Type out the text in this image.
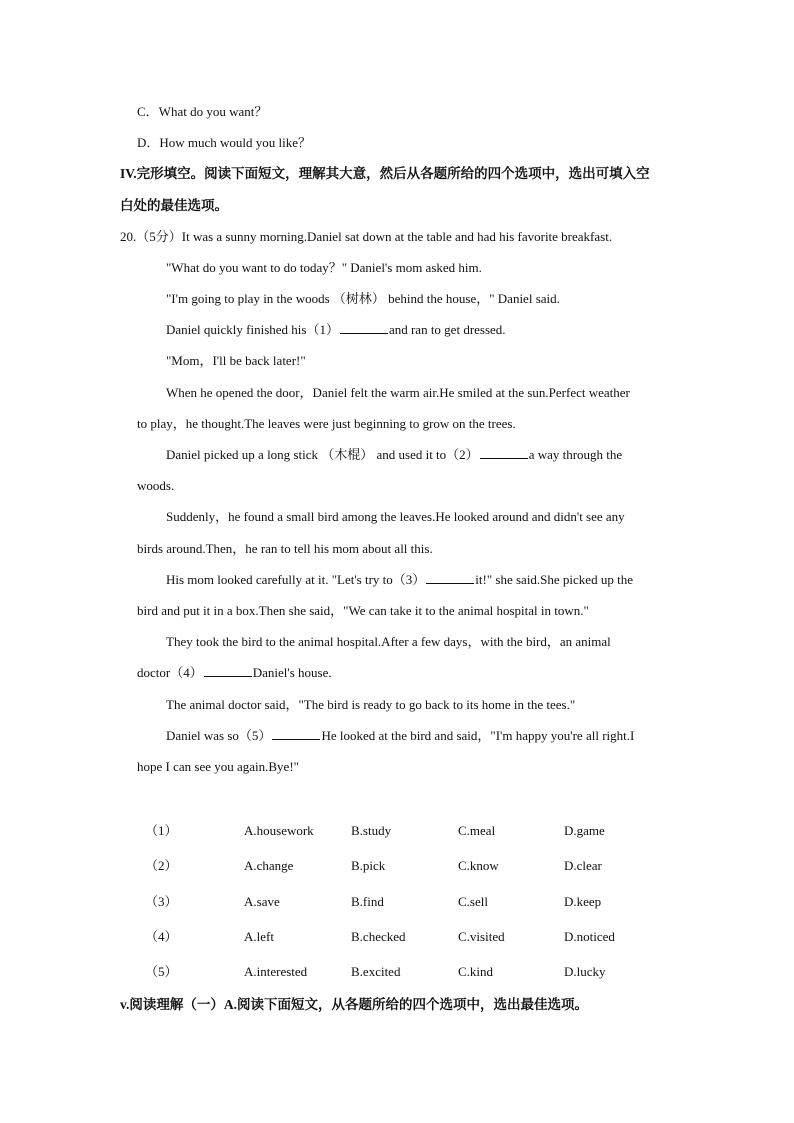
C．What do you want？
D．How much would you like？
IV.完形填空。阅读下面短文，理解其大意，然后从各题所给的四个选项中，选出可填入空
白处的最佳选项。
20.（5分）It was a sunny morning.Daniel sat down at the table and had his favorite breakfast.
"What do you want to do today？" Daniel's mom asked him.
"I'm going to play in the woods （树林） behind the house，" Daniel said.
Daniel quickly finished his（1）	and ran to get dressed.
"Mom，I'll be back later!"
When he opened the door，Daniel felt the warm air.He smiled at the sun.Perfect weather
to play，he thought.The leaves were just beginning to grow on the trees.
Daniel picked up a long stick （木棍） and used it to（2）	a way through the
woods.
Suddenly，he found a small bird among the leaves.He looked around and didn't see any
birds around.Then，he ran to tell his mom about all this.
His mom looked carefully at it. "Let's try to（3）	it!" she said.She picked up the
bird and put it in a box.Then she said，"We can take it to the animal hospital in town."
They took the bird to the animal hospital.After a few days，with the bird，an animal
doctor（4）	Daniel's house.
The animal doctor said，"The bird is ready to go back to its home in the tees."
Daniel was so（5）	He looked at the bird and said，"I'm happy you're all right.I
hope I can see you again.Bye!"
（1）	A.housework	B.study	C.meal	D.game
（2）	A.change	B.pick	C.know	D.clear
（3）	A.save	B.find	C.sell	D.keep
（4）	A.left	B.checked	C.visited	D.noticed
（5）	A.interested	B.excited	C.kind	D.lucky
v.阅读理解（一）A.阅读下面短文，从各题所给的四个选项中，选出最佳选项。
